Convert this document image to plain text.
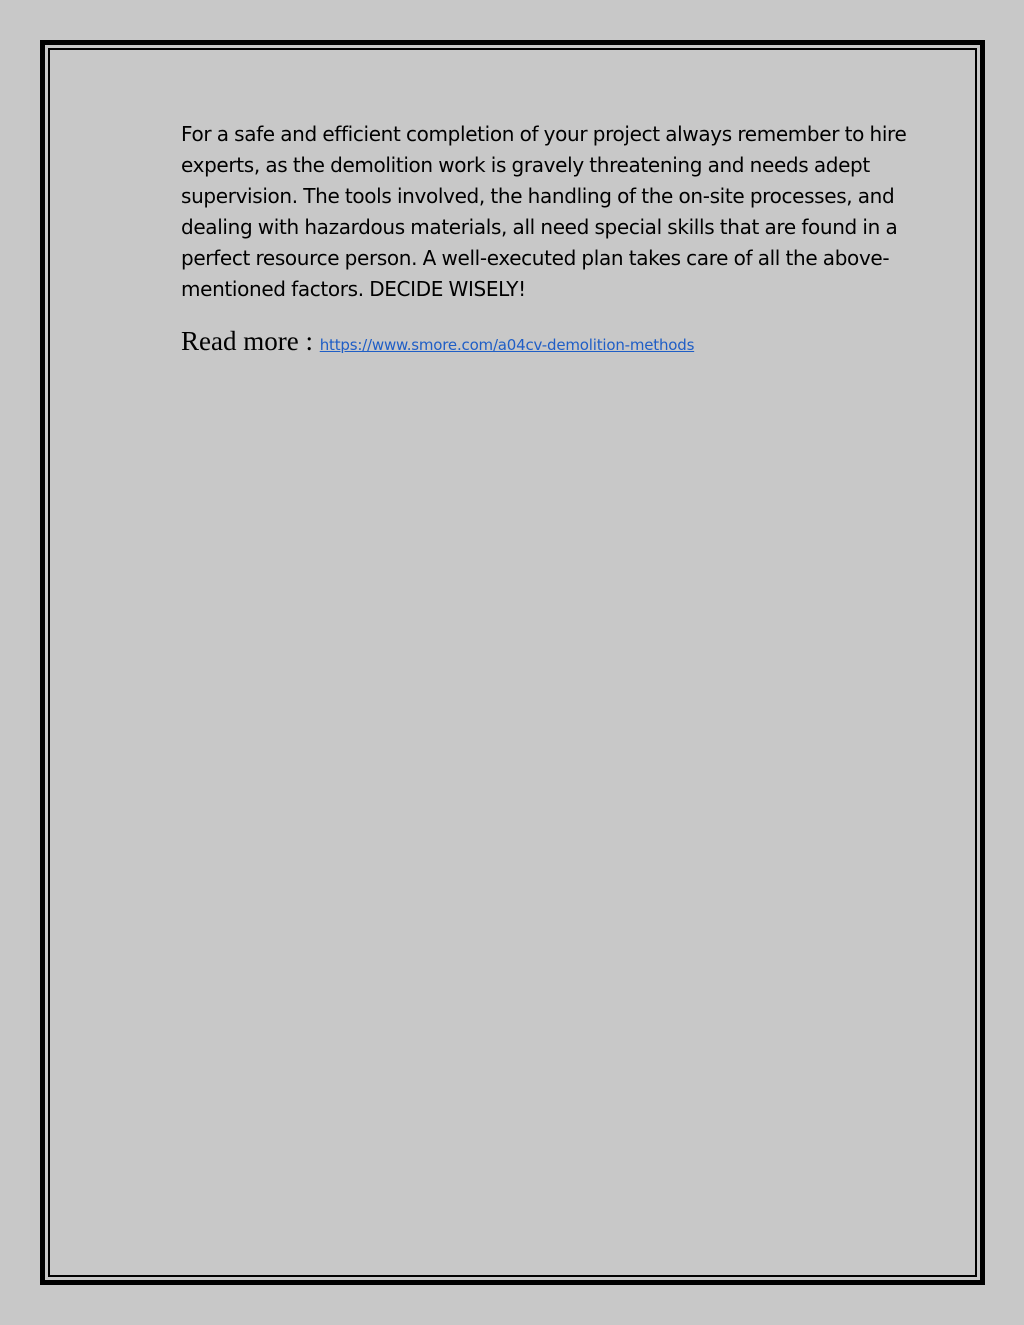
For a safe and efficient completion of your project always remember to hire experts, as the demolition work is gravely threatening and needs adept supervision. The tools involved, the handling of the on-site processes, and dealing with hazardous materials, all need special skills that are found in a perfect resource person. A well-executed plan takes care of all the above-mentioned factors. DECIDE WISELY!

Read more : https://www.smore.com/a04cv-demolition-methods
